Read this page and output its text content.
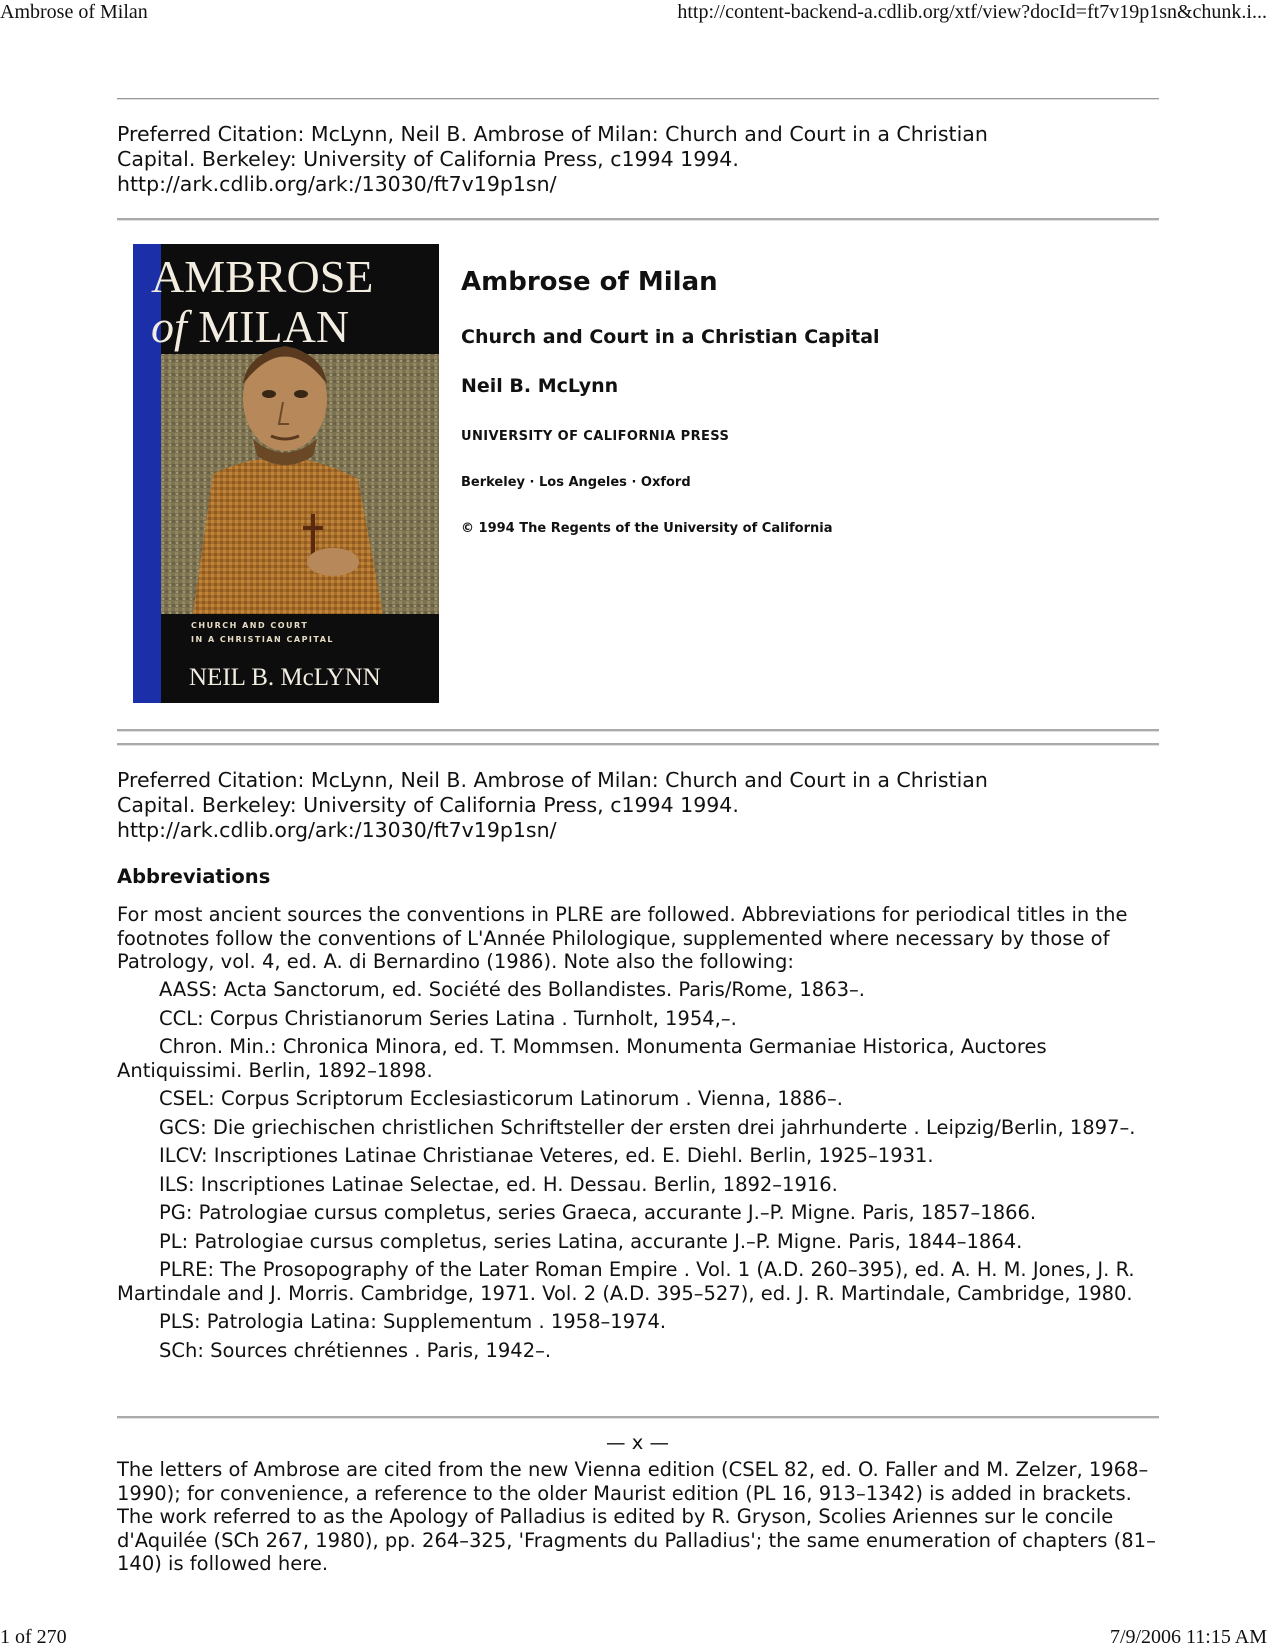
Ambrose of Milan	http://content-backend-a.cdlib.org/xtf/view?docId=ft7v19p1sn&chunk.i...
Preferred Citation: McLynn, Neil B. Ambrose of Milan: Church and Court in a Christian
Capital. Berkeley: University of California Press, c1994 1994.
http://ark.cdlib.org/ark:/13030/ft7v19p1sn/
AMBROSE
of MILAN
CHURCH AND COURT
IN A CHRISTIAN CAPITAL
NEIL B. McLYNN
Ambrose of Milan
Church and Court in a Christian Capital
Neil B. McLynn
UNIVERSITY OF CALIFORNIA PRESS
Berkeley · Los Angeles · Oxford
© 1994 The Regents of the University of California
Preferred Citation: McLynn, Neil B. Ambrose of Milan: Church and Court in a Christian
Capital. Berkeley: University of California Press, c1994 1994.
http://ark.cdlib.org/ark:/13030/ft7v19p1sn/
Abbreviations
For most ancient sources the conventions in PLRE are followed. Abbreviations for periodical titles in the footnotes follow the conventions of L'Année Philologique, supplemented where necessary by those of Patrology, vol. 4, ed. A. di Bernardino (1986). Note also the following:
AASS: Acta Sanctorum, ed. Société des Bollandistes. Paris/Rome, 1863–.
CCL: Corpus Christianorum Series Latina . Turnholt, 1954,–.
Chron. Min.: Chronica Minora, ed. T. Mommsen. Monumenta Germaniae Historica, Auctores Antiquissimi. Berlin, 1892–1898.
CSEL: Corpus Scriptorum Ecclesiasticorum Latinorum . Vienna, 1886–.
GCS: Die griechischen christlichen Schriftsteller der ersten drei jahrhunderte . Leipzig/Berlin, 1897–.
ILCV: Inscriptiones Latinae Christianae Veteres, ed. E. Diehl. Berlin, 1925–1931.
ILS: Inscriptiones Latinae Selectae, ed. H. Dessau. Berlin, 1892–1916.
PG: Patrologiae cursus completus, series Graeca, accurante J.–P. Migne. Paris, 1857–1866.
PL: Patrologiae cursus completus, series Latina, accurante J.–P. Migne. Paris, 1844–1864.
PLRE: The Prosopography of the Later Roman Empire . Vol. 1 (A.D. 260–395), ed. A. H. M. Jones, J. R. Martindale and J. Morris. Cambridge, 1971. Vol. 2 (A.D. 395–527), ed. J. R. Martindale, Cambridge, 1980.
PLS: Patrologia Latina: Supplementum . 1958–1974.
SCh: Sources chrétiennes . Paris, 1942–.
— x —
The letters of Ambrose are cited from the new Vienna edition (CSEL 82, ed. O. Faller and M. Zelzer, 1968–1990); for convenience, a reference to the older Maurist edition (PL 16, 913–1342) is added in brackets. The work referred to as the Apology of Palladius is edited by R. Gryson, Scolies Ariennes sur le concile d'Aquilée (SCh 267, 1980), pp. 264–325, 'Fragments du Palladius'; the same enumeration of chapters (81–140) is followed here.
1 of 270	7/9/2006 11:15 AM
